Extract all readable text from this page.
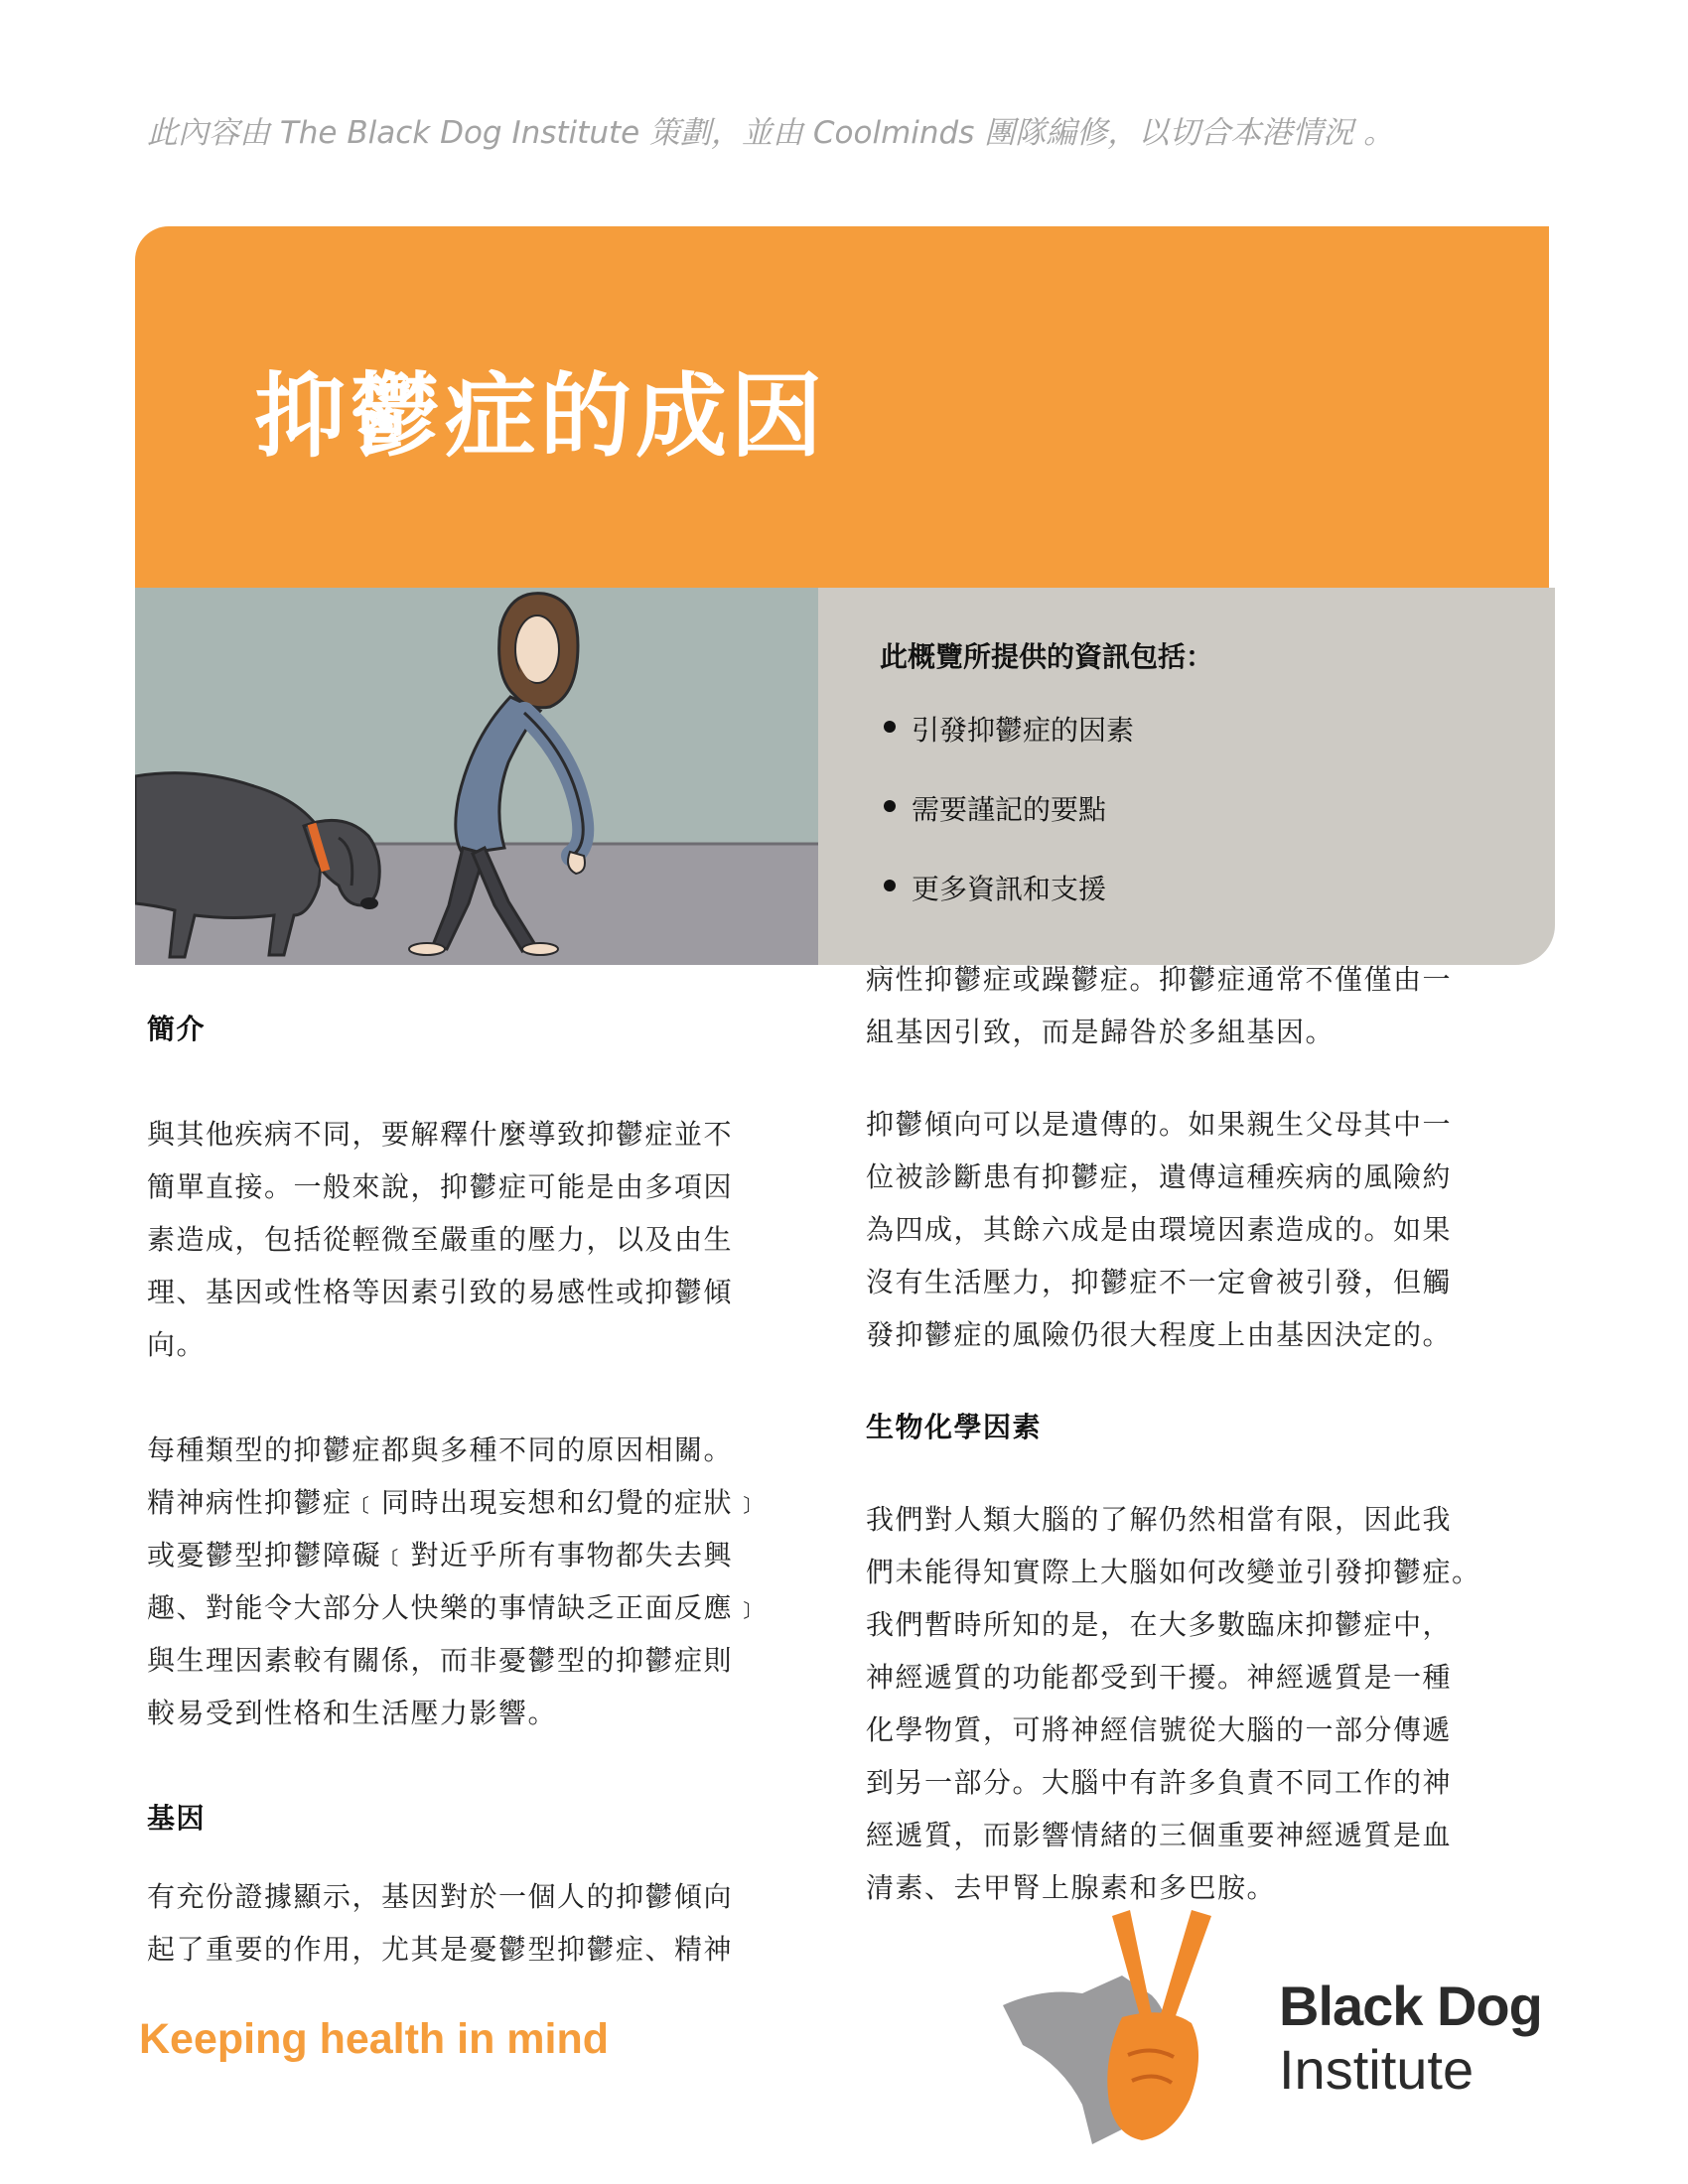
此內容由 The Black Dog Institute 策劃，並由 Coolminds 團隊編修，以切合本港情況 。
抑鬱症的成因
此概覽所提供的資訊包括：
引發抑鬱症的因素
需要謹記的要點
更多資訊和支援

簡介

與其他疾病不同，要解釋什麼導致抑鬱症並不

簡單直接。一般來說，抑鬱症可能是由多項因

素造成，包括從輕微至嚴重的壓力，以及由生

理、基因或性格等因素引致的易感性或抑鬱傾

向。

每種類型的抑鬱症都與多種不同的原因相關。

精神病性抑鬱症﹝同時出現妄想和幻覺的症狀﹞

或憂鬱型抑鬱障礙﹝對近乎所有事物都失去興

趣、對能令大部分人快樂的事情缺乏正面反應﹞

與生理因素較有關係，而非憂鬱型的抑鬱症則

較易受到性格和生活壓力影響。

基因

有充份證據顯示，基因對於一個人的抑鬱傾向

起了重要的作用，尤其是憂鬱型抑鬱症、精神

病性抑鬱症或躁鬱症。抑鬱症通常不僅僅由一

組基因引致，而是歸咎於多組基因。

抑鬱傾向可以是遺傳的。如果親生父母其中一

位被診斷患有抑鬱症，遺傳這種疾病的風險約

為四成，其餘六成是由環境因素造成的。如果

沒有生活壓力，抑鬱症不一定會被引發，但觸

發抑鬱症的風險仍很大程度上由基因決定的。

生物化學因素

我們對人類大腦的了解仍然相當有限，因此我

們未能得知實際上大腦如何改變並引發抑鬱症。

我們暫時所知的是，在大多數臨床抑鬱症中，

神經遞質的功能都受到干擾。神經遞質是一種

化學物質，可將神經信號從大腦的一部分傳遞

到另一部分。大腦中有許多負責不同工作的神

經遞質，而影響情緒的三個重要神經遞質是血

清素、去甲腎上腺素和多巴胺。

Keeping health in mind
Black Dog
Institute
